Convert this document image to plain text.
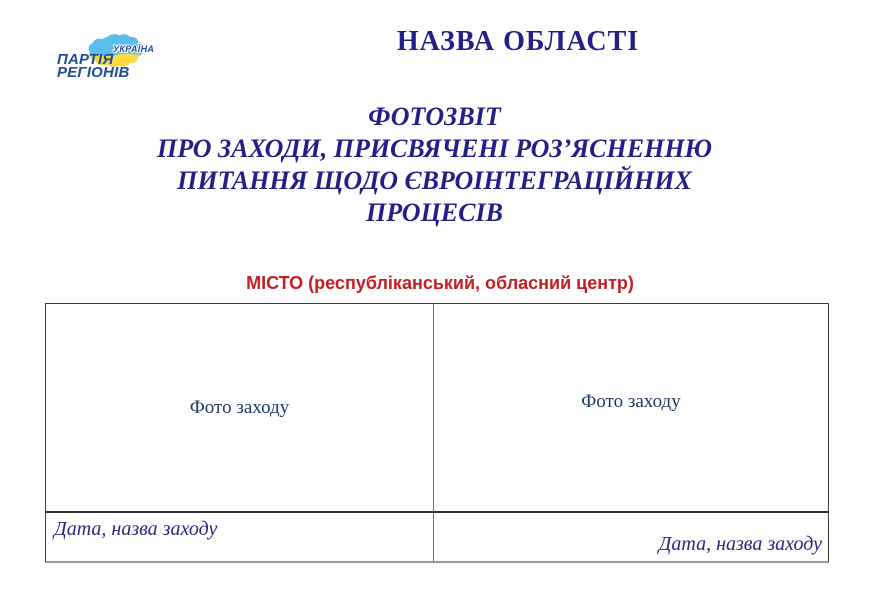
УКРАЇНА
ПАРТІЯ
РЕГІОНІВ
НАЗВА ОБЛАСТІ
ФОТОЗВІТ
ПРО ЗАХОДИ, ПРИСВЯЧЕНІ РОЗ’ЯСНЕННЮ
ПИТАННЯ ЩОДО ЄВРОІНТЕГРАЦІЙНИХ
ПРОЦЕСІВ
МІСТО (республіканський, обласний центр)
Фото заходу	Фото заходу
Дата, назва заходу
Дата, назва заходу
